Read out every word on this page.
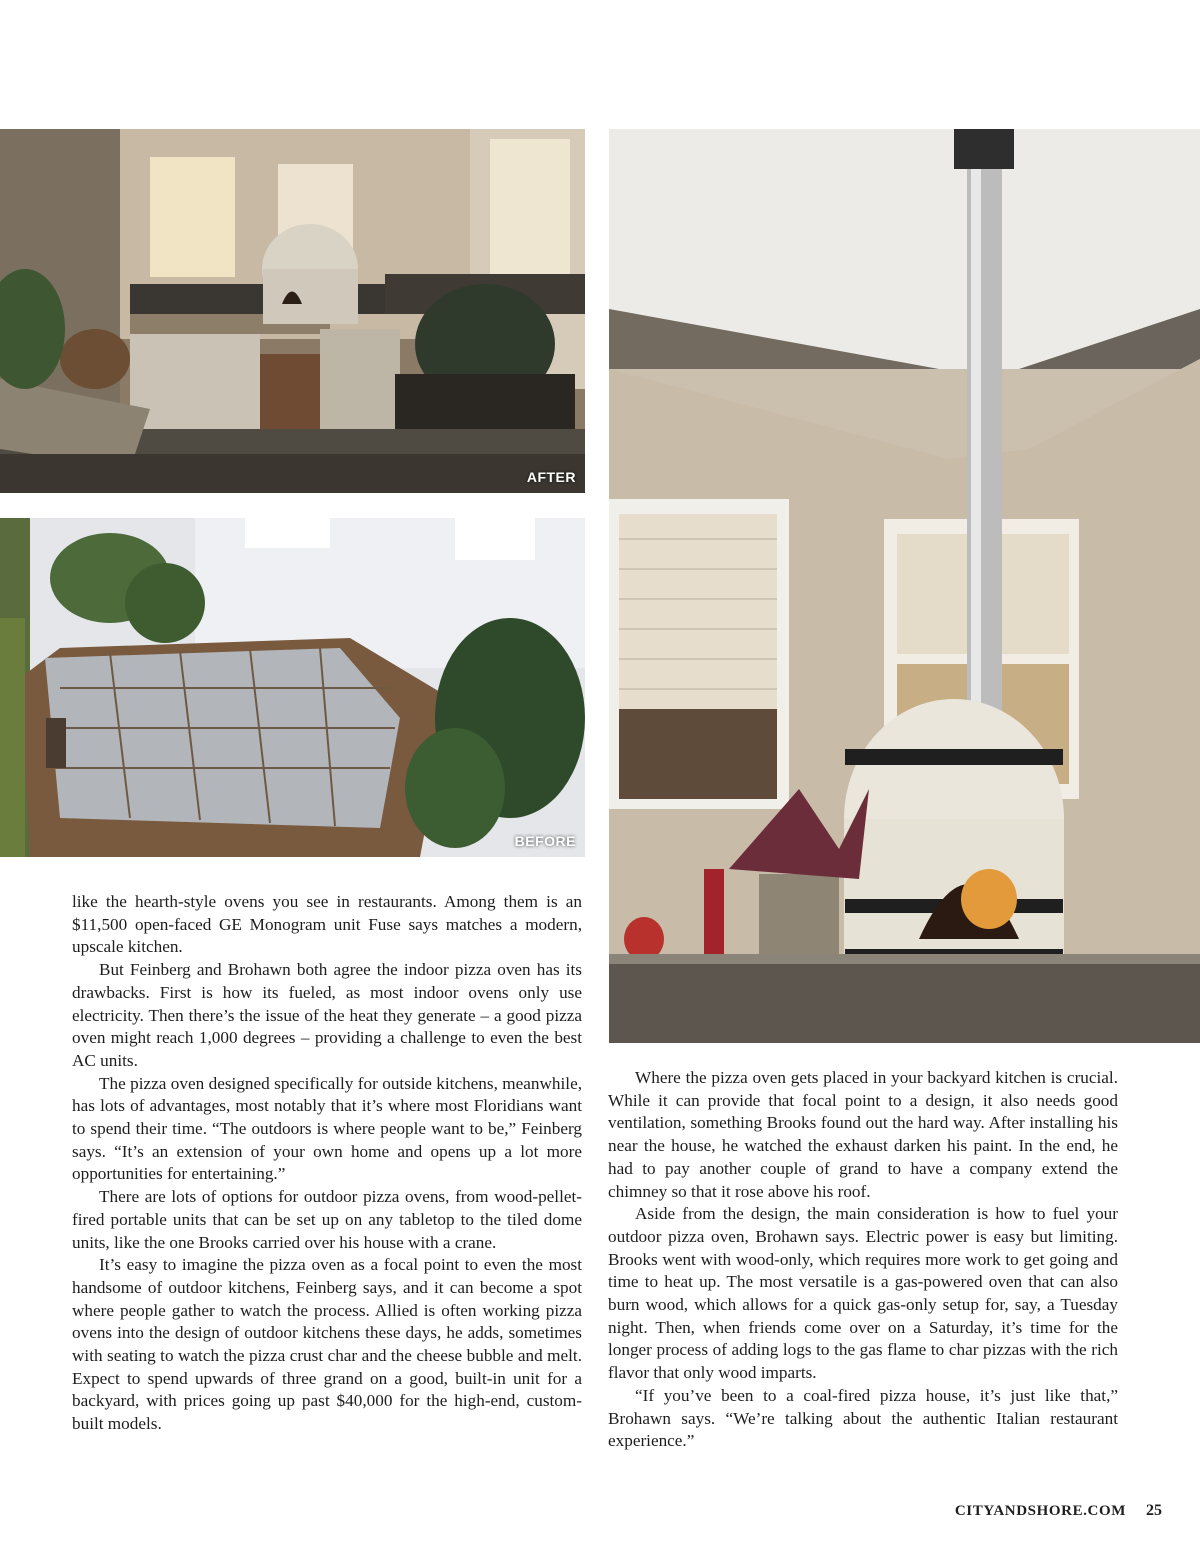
AFTER
BEFORE

like the hearth-style ovens you see in restaurants. Among them is an $11,500 open-faced GE Monogram unit Fuse says matches a modern, upscale kitchen.

But Feinberg and Brohawn both agree the indoor pizza oven has its drawbacks. First is how its fueled, as most indoor ovens only use electricity. Then there’s the issue of the heat they generate – a good pizza oven might reach 1,000 degrees – providing a challenge to even the best AC units.

The pizza oven designed specifically for outside kitchens, meanwhile, has lots of advantages, most notably that it’s where most Floridians want to spend their time. “The outdoors is where people want to be,” Feinberg says. “It’s an extension of your own home and opens up a lot more opportunities for entertaining.”

There are lots of options for outdoor pizza ovens, from wood-pellet-fired portable units that can be set up on any tabletop to the tiled dome units, like the one Brooks carried over his house with a crane.

It’s easy to imagine the pizza oven as a focal point to even the most handsome of outdoor kitchens, Feinberg says, and it can become a spot where people gather to watch the process. Allied is often working pizza ovens into the design of outdoor kitchens these days, he adds, sometimes with seating to watch the pizza crust char and the cheese bubble and melt. Expect to spend upwards of three grand on a good, built-in unit for a backyard, with prices going up past $40,000 for the high-end, custom-built models.

Where the pizza oven gets placed in your backyard kitchen is crucial. While it can provide that focal point to a design, it also needs good ventilation, something Brooks found out the hard way. After installing his near the house, he watched the exhaust darken his paint. In the end, he had to pay another couple of grand to have a company extend the chimney so that it rose above his roof.

Aside from the design, the main consideration is how to fuel your outdoor pizza oven, Brohawn says. Electric power is easy but limiting. Brooks went with wood-only, which requires more work to get going and time to heat up. The most versatile is a gas-powered oven that can also burn wood, which allows for a quick gas-only setup for, say, a Tuesday night. Then, when friends come over on a Saturday, it’s time for the longer process of adding logs to the gas flame to char pizzas with the rich flavor that only wood imparts.

“If you’ve been to a coal-fired pizza house, it’s just like that,” Brohawn says. “We’re talking about the authentic Italian restaurant experience.”

CITYANDSHORE.COM 25
